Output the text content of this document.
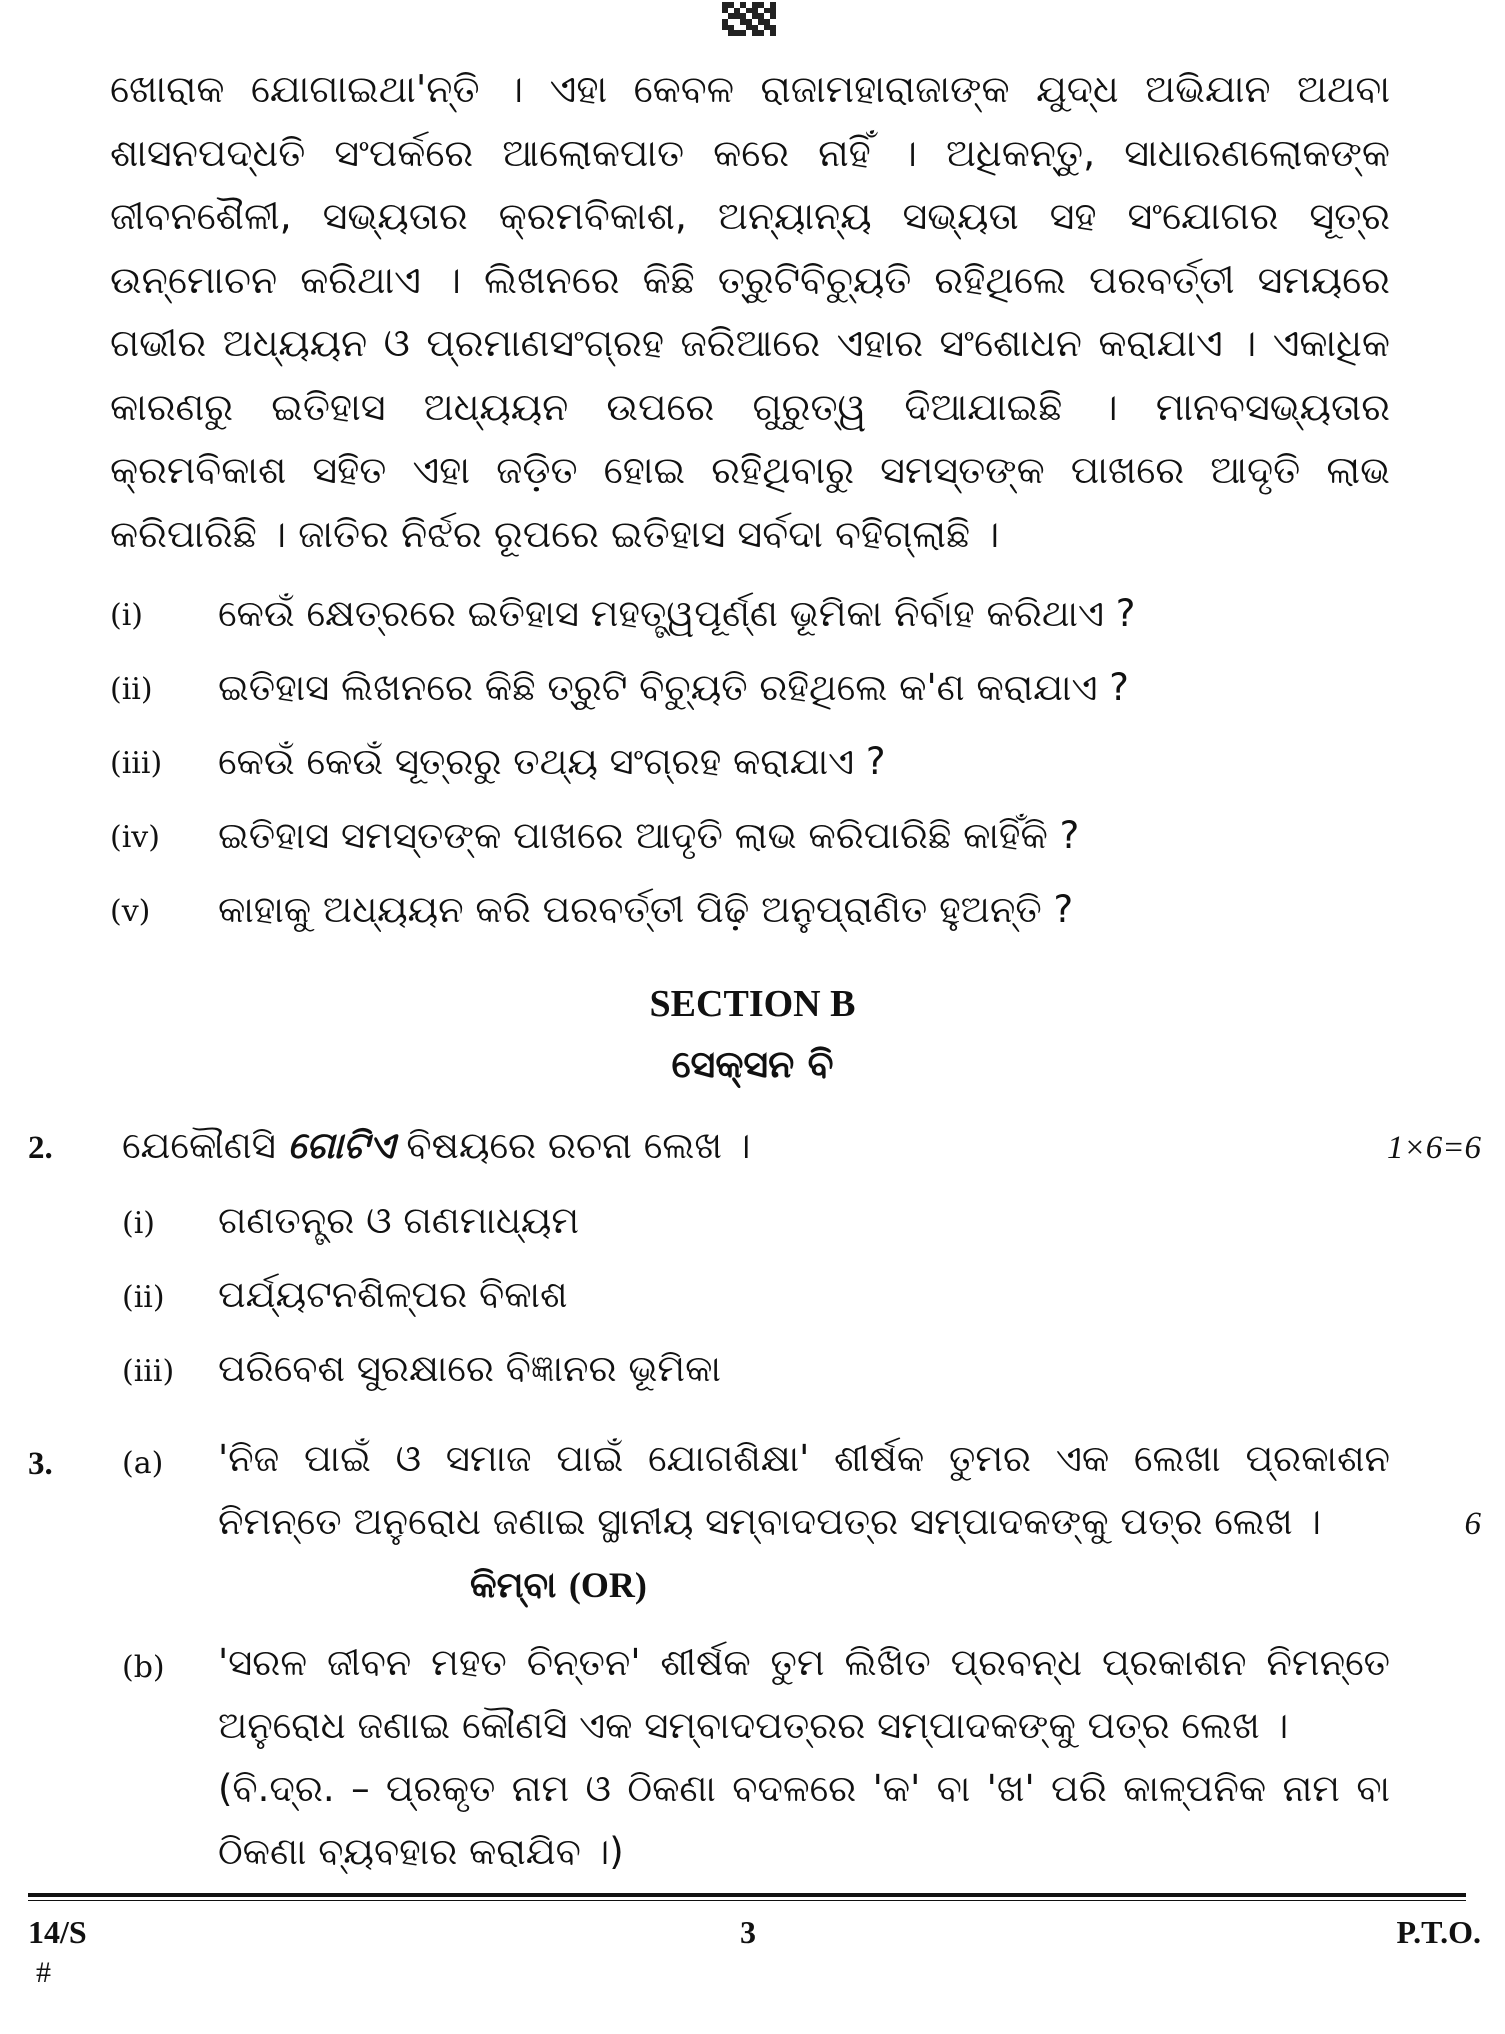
ଖୋରାକ ଯୋଗାଇଥା'ନ୍ତି । ଏହା କେବଳ ରାଜାମହାରାଜାଙ୍କ ଯୁଦ୍ଧ ଅଭିଯାନ ଅଥବା
ଶାସନପଦ୍ଧତି ସଂପର୍କରେ ଆଲୋକପାତ କରେ ନାହିଁ । ଅଧିକନ୍ତୁ, ସାଧାରଣଲୋକଙ୍କ
ଜୀବନଶୈଳୀ, ସଭ୍ୟତାର କ୍ରମବିକାଶ, ଅନ୍ୟାନ୍ୟ ସଭ୍ୟତା ସହ ସଂଯୋଗର ସୂତ୍ର
ଉନ୍ମୋଚନ କରିଥାଏ । ଲିଖନରେ କିଛି ତ୍ରୁଟିବିଚ୍ୟୁତି ରହିଥିଲେ ପରବର୍ତ୍ତୀ ସମୟରେ
ଗଭୀର ଅଧ୍ୟୟନ ଓ ପ୍ରମାଣସଂଗ୍ରହ ଜରିଆରେ ଏହାର ସଂଶୋଧନ କରାଯାଏ । ଏକାଧିକ
କାରଣରୁ ଇତିହାସ ଅଧ୍ୟୟନ ଉପରେ ଗୁରୁତ୍ୱ ଦିଆଯାଇଛି । ମାନବସଭ୍ୟତାର
କ୍ରମବିକାଶ ସହିତ ଏହା ଜଡ଼ିତ ହୋଇ ରହିଥିବାରୁ ସମସ୍ତଙ୍କ ପାଖରେ ଆଦୃତି ଲାଭ
କରିପାରିଛି । ଜାତିର ନିର୍ଝର ରୂପରେ ଇତିହାସ ସର୍ବଦା ବହିଗ୍ଲାଛି ।
(i) କେଉଁ କ୍ଷେତ୍ରରେ ଇତିହାସ ମହତ୍ତ୍ୱପୂର୍ଣ୍ଣ ଭୂମିକା ନିର୍ବାହ କରିଥାଏ ?
(ii) ଇତିହାସ ଲିଖନରେ କିଛି ତ୍ରୁଟି ବିଚ୍ୟୁତି ରହିଥିଲେ କ'ଣ କରାଯାଏ ?
(iii) କେଉଁ କେଉଁ ସୂତ୍ରରୁ ତଥ୍ୟ ସଂଗ୍ରହ କରାଯାଏ ?
(iv) ଇତିହାସ ସମସ୍ତଙ୍କ ପାଖରେ ଆଦୃତି ଲାଭ କରିପାରିଛି କାହିଁକି ?
(v) କାହାକୁ ଅଧ୍ୟୟନ କରି ପରବର୍ତ୍ତୀ ପିଢ଼ି ଅନୁପ୍ରାଣିତ ହୁଅନ୍ତି ?
SECTION B
ସେକ୍ସନ ବି
2. ଯେକୌଣସି ଗୋଟିଏ ବିଷୟରେ ରଚନା ଲେଖ ।	1×6=6
(i) ଗଣତନ୍ତ୍ର ଓ ଗଣମାଧ୍ୟମ
(ii) ପର୍ଯ୍ୟଟନଶିଳ୍ପର ବିକାଶ
(iii) ପରିବେଶ ସୁରକ୍ଷାରେ ବିଜ୍ଞାନର ଭୂମିକା
3. (a) 'ନିଜ ପାଇଁ ଓ ସମାଜ ପାଇଁ ଯୋଗଶିକ୍ଷା' ଶୀର୍ଷକ ତୁମର ଏକ ଲେଖା ପ୍ରକାଶନ
ନିମନ୍ତେ ଅନୁରୋଧ ଜଣାଇ ସ୍ଥାନୀୟ ସମ୍ବାଦପତ୍ର ସମ୍ପାଦକଙ୍କୁ ପତ୍ର ଲେଖ ।	6
କିମ୍ବା (OR)
(b) 'ସରଳ ଜୀବନ ମହତ ଚିନ୍ତନ' ଶୀର୍ଷକ ତୁମ ଲିଖିତ ପ୍ରବନ୍ଧ ପ୍ରକାଶନ ନିମନ୍ତେ
ଅନୁରୋଧ ଜଣାଇ କୌଣସି ଏକ ସମ୍ବାଦପତ୍ରର ସମ୍ପାଦକଙ୍କୁ ପତ୍ର ଲେଖ ।
(ବି.ଦ୍ର. – ପ୍ରକୃତ ନାମ ଓ ଠିକଣା ବଦଳରେ 'କ' ବା 'ଖ' ପରି କାଳ୍ପନିକ ନାମ ବା
ଠିକଣା ବ୍ୟବହାର କରାଯିବ ।)
14/S	3	P.T.O.
#
